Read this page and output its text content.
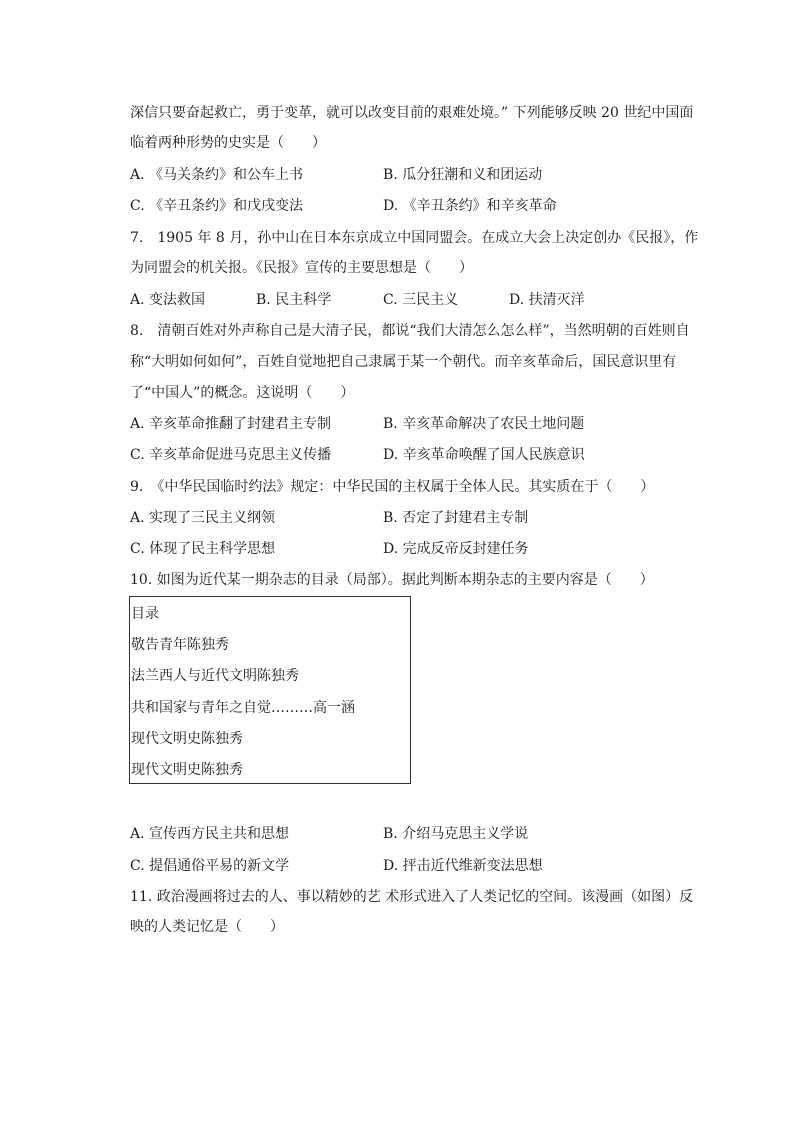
深信只要奋起救亡，勇于变革，就可以改变目前的艰难处境。” 下列能够反映 20 世纪中国面
临着两种形势的史实是（　　）
A. 《马关条约》和公车上书	B. 瓜分狂潮和义和团运动
C. 《辛丑条约》和戊戌变法	D. 《辛丑条约》和辛亥革命
7.　1905 年 8 月，孙中山在日本东京成立中国同盟会。在成立大会上决定创办《民报》，作
为同盟会的机关报。《民报》宣传的主要思想是（　　）
A. 变法救国	B. 民主科学	C. 三民主义	D. 扶清灭洋
8.　清朝百姓对外声称自己是大清子民，都说“我们大清怎么怎么样”，当然明朝的百姓则自
称“大明如何如何”，百姓自觉地把自己隶属于某一个朝代。而辛亥革命后，国民意识里有
了“中国人”的概念。这说明（　　）
A. 辛亥革命推翻了封建君主专制	B. 辛亥革命解决了农民土地问题
C. 辛亥革命促进马克思主义传播	D. 辛亥革命唤醒了国人民族意识
9.　《中华民国临时约法》规定：中华民国的主权属于全体人民。其实质在于（　　）
A. 实现了三民主义纲领	B. 否定了封建君主专制
C. 体现了民主科学思想	D. 完成反帝反封建任务
10. 如图为近代某一期杂志的目录（局部）。据此判断本期杂志的主要内容是（　　）
目录
敬告青年陈独秀
法兰西人与近代文明陈独秀
共和国家与青年之自觉………高一涵
现代文明史陈独秀
现代文明史陈独秀
A. 宣传西方民主共和思想	B. 介绍马克思主义学说
C. 提倡通俗平易的新文学	D. 抨击近代维新变法思想
11. 政治漫画将过去的人、事以精妙的艺 术形式进入了人类记忆的空间。该漫画（如图）反
映的人类记忆是（　　）
